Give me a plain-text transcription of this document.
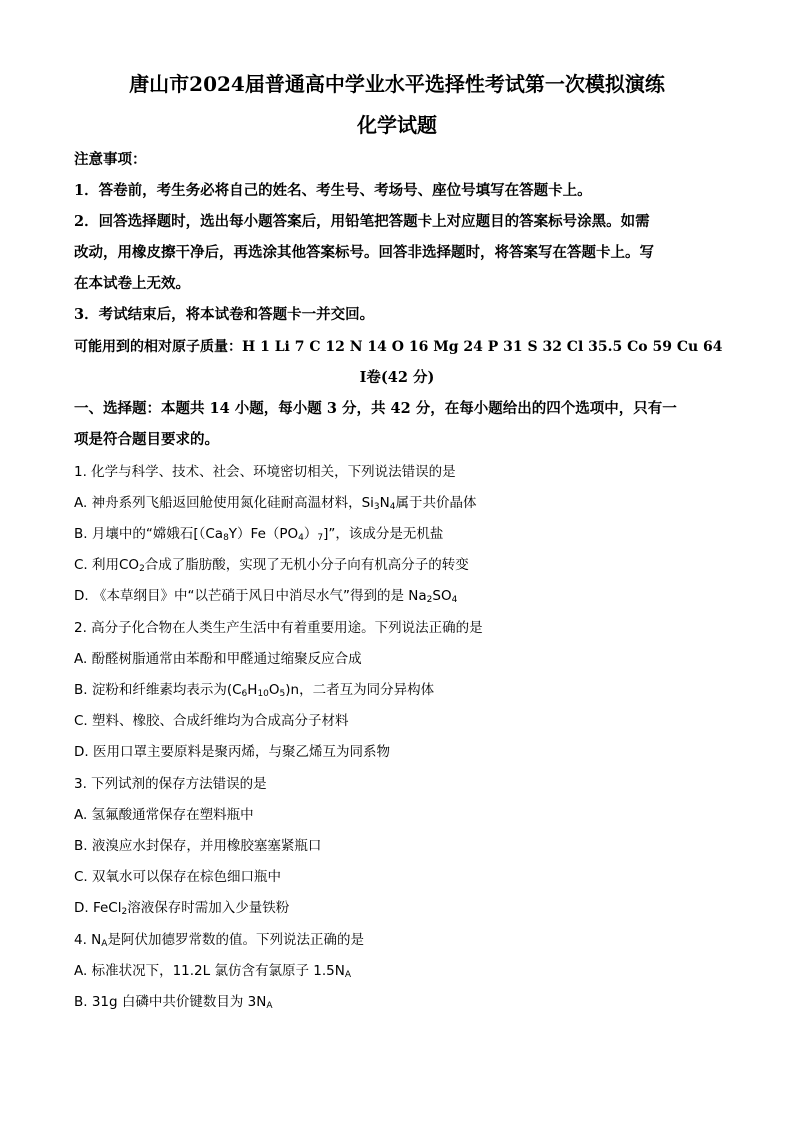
唐山市2024届普通高中学业水平选择性考试第一次模拟演练
化学试题
注意事项：
1．答卷前，考生务必将自己的姓名、考生号、考场号、座位号填写在答题卡上。
2．回答选择题时，选出每小题答案后，用铅笔把答题卡上对应题目的答案标号涂黑。如需
改动，用橡皮擦干净后，再选涂其他答案标号。回答非选择题时，将答案写在答题卡上。写
在本试卷上无效。
3．考试结束后，将本试卷和答题卡一并交回。
可能用到的相对原子质量：H 1 Li 7 C 12 N 14 O 16 Mg 24 P 31 S 32 Cl 35.5 Co 59 Cu 64
Ⅰ卷(42 分)
一、选择题：本题共 14 小题，每小题 3 分，共 42 分，在每小题给出的四个选项中，只有一
项是符合题目要求的。
1. 化学与科学、技术、社会、环境密切相关，下列说法错误的是
A. 神舟系列飞船返回舱使用氮化硅耐高温材料，$Si_3N_4$属于共价晶体
B. 月壤中的“嫦娥石$[(Ca_8Y)Fe(PO_4)_7]$”，该成分是无机盐
C. 利用$CO_2$合成了脂肪酸，实现了无机小分子向有机高分子的转变
D. 《本草纲目》中“以芒硝于风日中消尽水气”得到的是 $Na_2SO_4$
2. 高分子化合物在人类生产生活中有着重要用途。下列说法正确的是
A. 酚醛树脂通常由苯酚和甲醛通过缩聚反应合成
B. 淀粉和纤维素均表示为$(C_6H_{10}O_5)n$，二者互为同分异构体
C. 塑料、橡胶、合成纤维均为合成高分子材料
D. 医用口罩主要原料是聚丙烯，与聚乙烯互为同系物
3. 下列试剂的保存方法错误的是
A. 氢氟酸通常保存在塑料瓶中
B. 液溴应水封保存，并用橡胶塞塞紧瓶口
C. 双氧水可以保存在棕色细口瓶中
D. FeCl$_2$溶液保存时需加入少量铁粉
4. $N_A$是阿伏加德罗常数的值。下列说法正确的是
A. 标准状况下，11.2L 氯仿含有氯原子 $1.5N_A$
B. 31g 白磷中共价键数目为 $3N_A$
